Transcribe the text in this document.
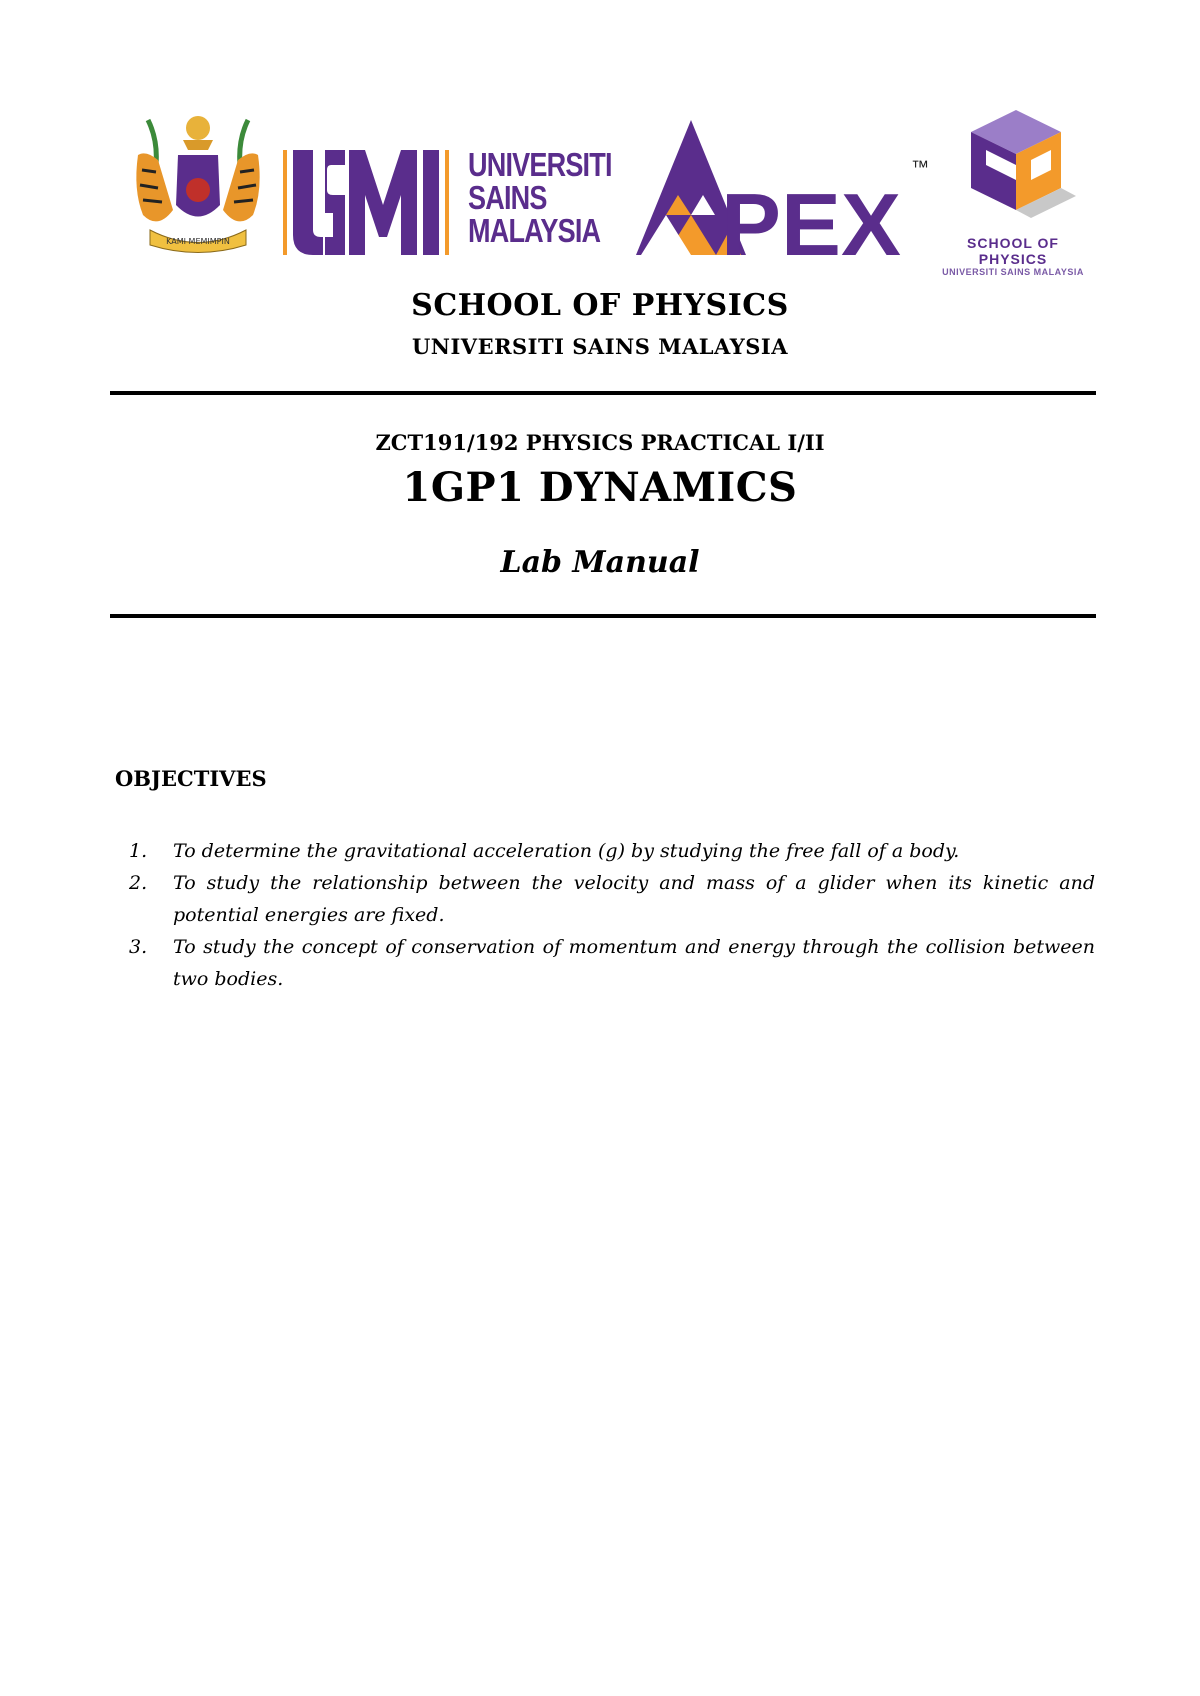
KAMI MEMIMPIN
UNIVERSITI
SAINS
MALAYSIA PEX
™
SCHOOL OF PHYSICS
UNIVERSITI SAINS MALAYSIA
SCHOOL OF PHYSICS
UNIVERSITI SAINS MALAYSIA
ZCT191/192 PHYSICS PRACTICAL I/II
1GP1 DYNAMICS
Lab Manual
OBJECTIVES
1. To determine the gravitational acceleration (g) by studying the free fall of a body.
2. To study the relationship between the velocity and mass of a glider when its kinetic and potential energies are fixed.
3. To study the concept of conservation of momentum and energy through the collision between two bodies.
